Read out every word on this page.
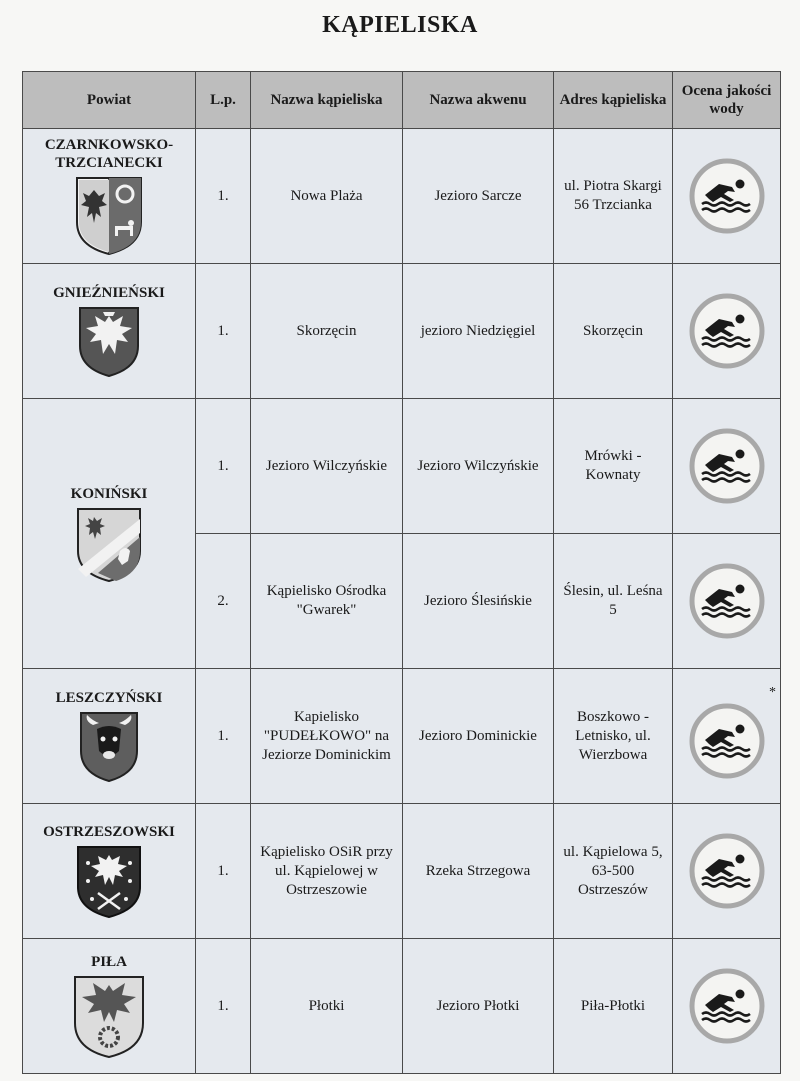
KĄPIELISKA
Powiat	L.p.	Nazwa kąpieliska	Nazwa akwenu	Adres kąpieliska	Ocena jakości wody

CZARNKOWSKO-TRZCIANECKI	1.	Nowa Plaża	Jezioro Sarcze	ul. Piotra Skargi 56 Trzcianka	

GNIEŹNIEŃSKI	1.	Skorzęcin	jezioro Niedzięgiel	Skorzęcin	

KONIŃSKI	1.	Jezioro Wilczyńskie	Jezioro Wilczyńskie	Mrówki - Kownaty	

	2.	Kąpielisko Ośrodka "Gwarek"	Jezioro Ślesińskie	Ślesin, ul. Leśna 5	

LESZCZYŃSKI	1.	Kapielisko "PUDEŁKOWO" na Jeziorze Dominickim	Jezioro Dominickie	Boszkowo - Letnisko, ul. Wierzbowa	*

OSTRZESZOWSKI	1.	Kąpielisko OSiR przy ul. Kąpielowej w Ostrzeszowie	Rzeka Strzegowa	ul. Kąpielowa 5, 63-500 Ostrzeszów	

PIŁA	1.	Płotki	Jezioro Płotki	Piła-Płotki	
